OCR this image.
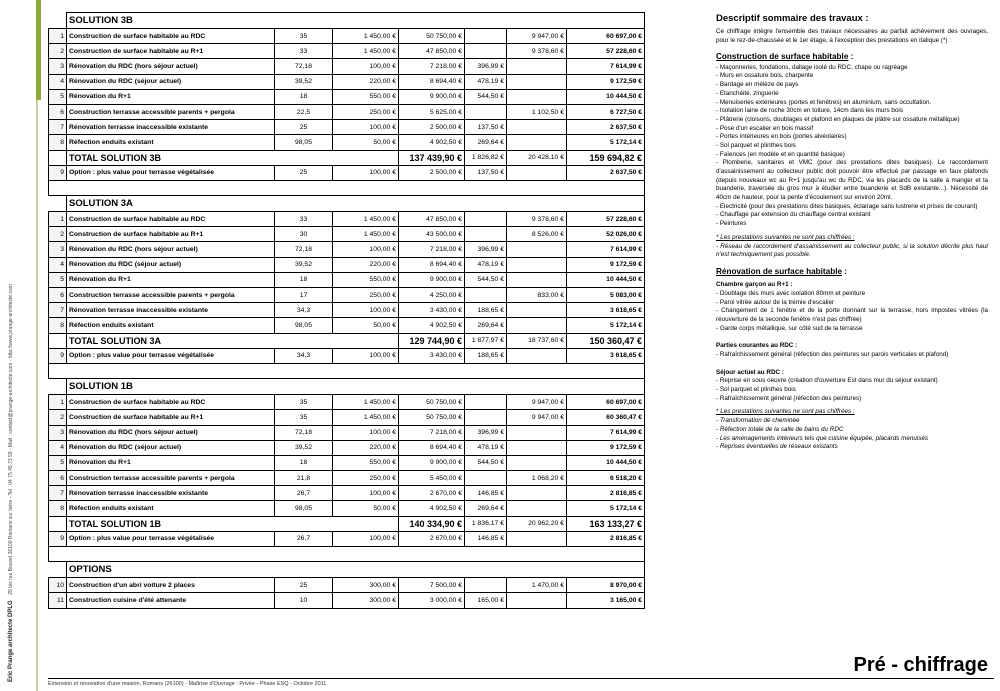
Eric Prange architecte DPLG    29 bis rue Bouvet 26100 Romans sur Isère - Tel : 04 75 45 73 59 - Mail : contact@prange-architecte.com - http://www.prange-architecte.com
	SOLUTION 3B						
1	Construction de surface habitable au RDC	35	1 450,00 €	50 750,00 €		9 947,00 €	60 697,00 €
2	Construction de surface habitable au R+1	33	1 450,00 €	47 850,00 €		9 378,60 €	57 228,60 €
3	Rénovation du RDC (hors séjour actuel)	72,18	100,00 €	7 218,00 €	396,99 €		7 614,99 €
4	Rénovation du RDC (séjour actuel)	39,52	220,00 €	8 694,40 €	478,19 €		9 172,59 €
5	Rénovation du R+1	18	550,00 €	9 900,00 €	544,50 €		10 444,50 €
6	Construction terrasse accessible parents + pergola	22,5	250,00 €	5 625,00 €		1 102,50 €	6 727,50 €
7	Rénovation terrasse inaccessible existante	25	100,00 €	2 500,00 €	137,50 €		2 637,50 €
8	Réfection enduits existant	98,05	50,00 €	4 902,50 €	269,64 €		5 172,14 €
	TOTAL SOLUTION 3B			137 439,90 €	1 826,82 €	20 428,10 €	159 694,82 €
9	Option : plus value pour terrasse végétalisée	25	100,00 €	2 500,00 €	137,50 €		2 637,50 €

	SOLUTION 3A						
1	Construction de surface habitable au RDC	33	1 450,00 €	47 850,00 €		9 378,60 €	57 228,60 €
2	Construction de surface habitable au R+1	30	1 450,00 €	43 500,00 €		8 526,00 €	52 026,00 €
3	Rénovation du RDC (hors séjour actuel)	72,18	100,00 €	7 218,00 €	396,99 €		7 614,99 €
4	Rénovation du RDC (séjour actuel)	39,52	220,00 €	8 694,40 €	478,19 €		9 172,59 €
5	Rénovation du R+1	18	550,00 €	9 900,00 €	544,50 €		10 444,50 €
6	Construction terrasse accessible parents + pergola	17	250,00 €	4 250,00 €		833,00 €	5 083,00 €
7	Rénovation terrasse inaccessible existante	34,3	100,00 €	3 430,00 €	188,65 €		3 618,65 €
8	Réfection enduits existant	98,05	50,00 €	4 902,50 €	269,64 €		5 172,14 €
	TOTAL SOLUTION 3A			129 744,90 €	1 877,97 €	18 737,60 €	150 360,47 €
9	Option : plus value pour terrasse végétalisée	34,3	100,00 €	3 430,00 €	188,65 €		3 618,65 €

	SOLUTION 1B						
1	Construction de surface habitable au RDC	35	1 450,00 €	50 750,00 €		9 947,00 €	60 697,00 €
2	Construction de surface habitable au R+1	35	1 450,00 €	50 750,00 €		9 947,00 €	60 360,47 €
3	Rénovation du RDC (hors séjour actuel)	72,18	100,00 €	7 218,00 €	396,99 €		7 614,99 €
4	Rénovation du RDC (séjour actuel)	39,52	220,00 €	8 694,40 €	478,19 €		9 172,59 €
5	Rénovation du R+1	18	550,00 €	9 900,00 €	544,50 €		10 444,50 €
6	Construction terrasse accessible parents + pergola	21,8	250,00 €	5 450,00 €		1 068,20 €	6 518,20 €
7	Rénovation terrasse inaccessible existante	26,7	100,00 €	2 670,00 €	146,85 €		2 816,85 €
8	Réfection enduits existant	98,05	50,00 €	4 902,50 €	269,64 €		5 172,14 €
	TOTAL SOLUTION 1B			140 334,90 €	1 836,17 €	20 962,20 €	163 133,27 €
9	Option : plus value pour terrasse végétalisée	26,7	100,00 €	2 670,00 €	146,85 €		2 816,85 €

	OPTIONS						
10	Construction d'un abri voiture 2 places	25	300,00 €	7 500,00 €		1 470,00 €	8 970,00 €
11	Construction cuisine d'été attenante	10	300,00 €	3 000,00 €	165,00 €		3 165,00 €
Descriptif sommaire des travaux :

Ce chiffrage intègre l'ensemble des travaux nécessaires au parfait achèvement des ouvrages, pour le rez-de-chaussée et le 1er étage, à l'exception des prestations en italique (*) :

Construction de surface habitable :

- Maçonneries, fondations, dallage isolé du RDC, chape ou ragréage

- Murs en ossature bois, charpente

- Bardage en mélèze de pays

- Etanchéité, zinguerie

- Menuiseries extérieures (portes et fenêtres) en aluminium, sans occultation.

- Isolation laine de roche 30cm en toiture, 14cm dans les murs bois

- Plâtrerie (cloisons, doublages et plafond en plaques de plâtre sur ossature métallique)

- Pose d'un escalier en bois massif

- Portes intérieures en bois (portes alvéolaires)

- Sol parquet et plinthes bois

- Faïences (en modèle et en quantité basique)

- Plomberie, sanitaires et VMC (pour des prestations dites basiques). Le raccordement d'assainissement au collecteur public doit pouvoir être effectué par passage en faux plafonds (depuis nouveaux wc au R+1 jusqu'au wc du RDC, via les placards de la salle à manger et la buanderie, traversée du gros mur à étudier entre buanderie et SdB existante...). Nécessité de 40cm de hauteur, pour la pente d'écoulement sur environ 20ml.

- Electricité (pour des prestations dites basiques, éclairage sans lustrerie et prises de courant)

- Chauffage par extension du chauffage central existant

- Peintures

* Les prestations suivantes ne sont pas chiffrées :

- Réseau de raccordement d'assainissement au collecteur public, si la solution décrite plus haut n'est techniquement pas possible.

Rénovation de surface habitable :

Chambre garçon au R+1 :

- Doublage des murs avec isolation 80mm et peinture

- Paroi vitrée autour de la trémie d'escalier

- Changement de 1 fenêtre et de la porte donnant sur la terrasse, hors impostes vitrées (la réouverture de la seconde fenêtre n'est pas chiffrée)

- Garde corps métallique, sur côté sud de la terrasse

Parties courantes au RDC :

- Rafraîchissement général (réfection des peintures sur parois verticales et plafond)

Séjour actuel au RDC :

- Reprise en sous oeuvre (création d'ouverture Est dans mur du séjour existant)

- Sol parquet et plinthes bois

- Rafraîchissement général (réfection des peintures)

* Les prestations suivantes ne sont pas chiffrées :

- Transformation de cheminée

- Réfection totale de la salle de bains du RDC

- Les aménagements intérieurs tels que cuisine équipée, placards menuisés

- Reprises éventuelles de réseaux existants

Extension et rénovation d'une maison, Romans (26100) - Maîtrise d'Ouvrage : Privée - Phase ESQ - Octobre 2011
Pré - chiffrage
